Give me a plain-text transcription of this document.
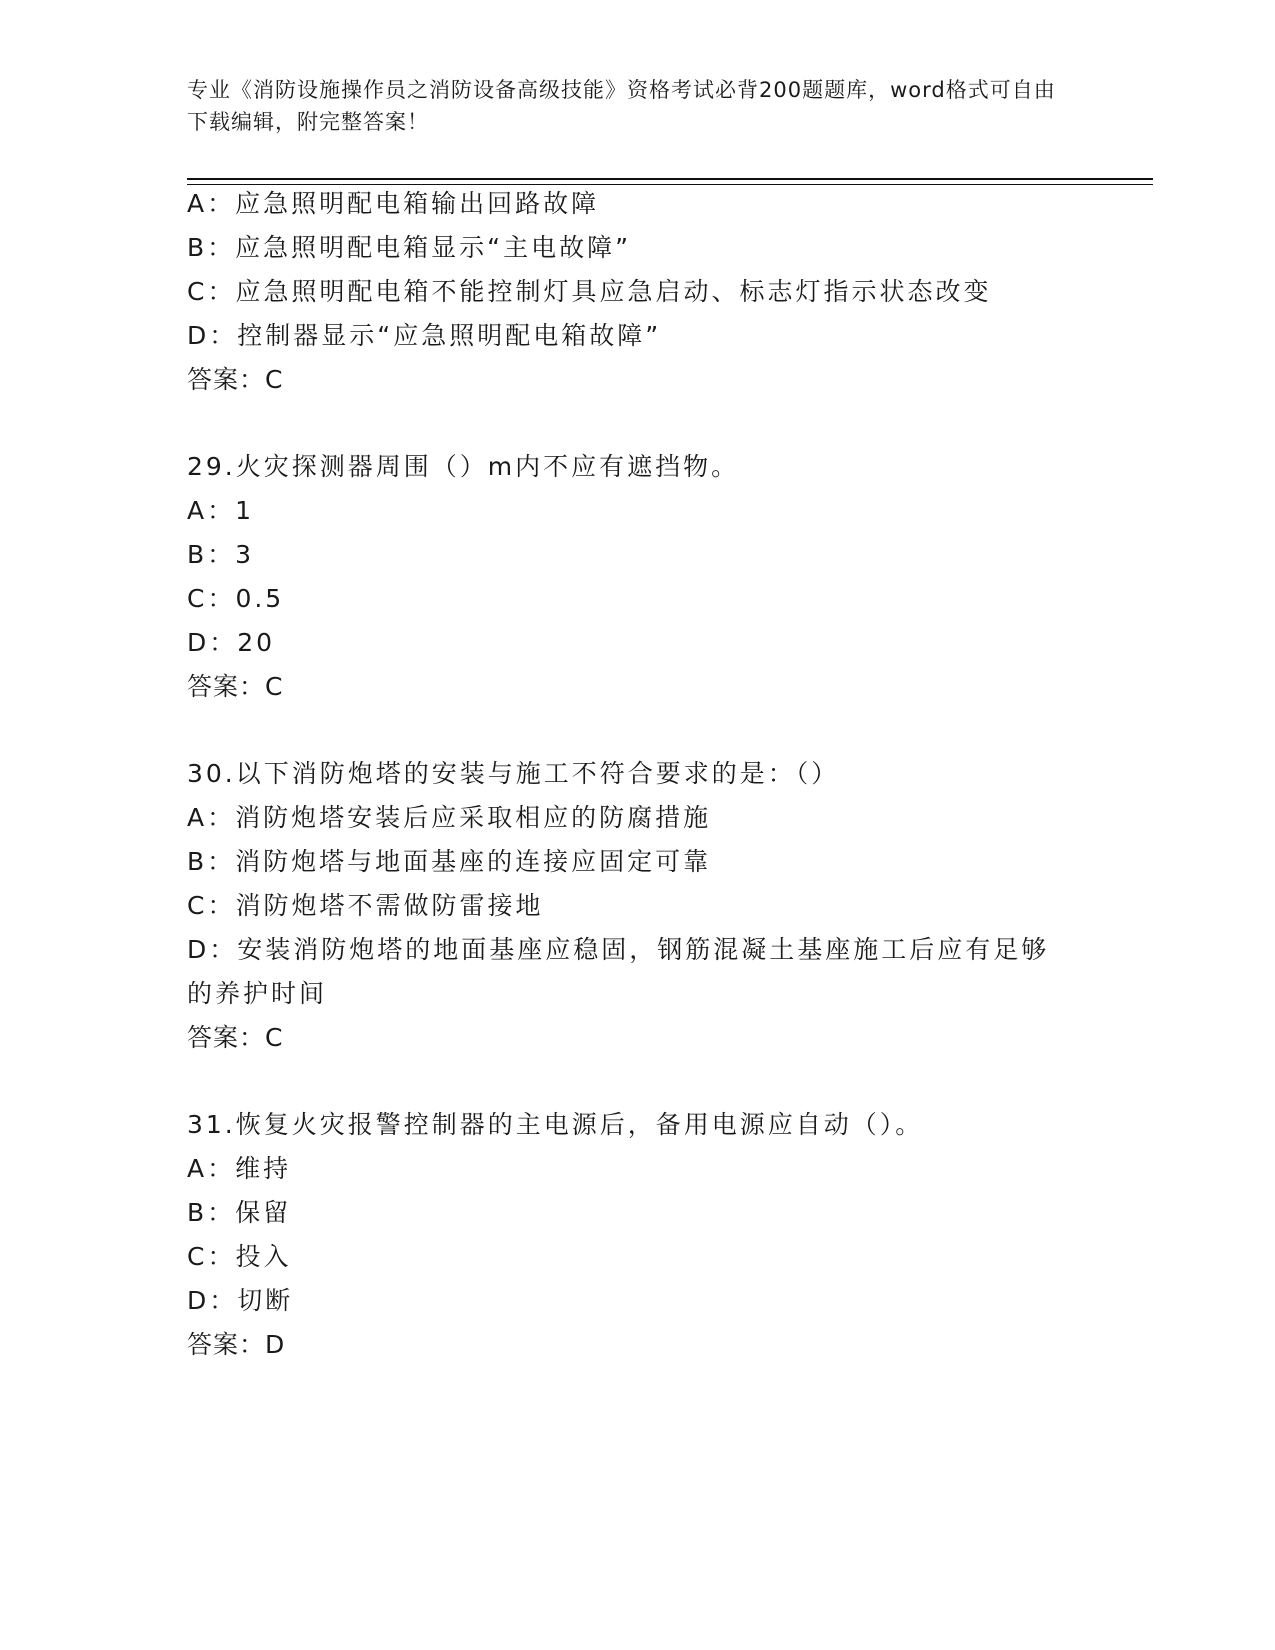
专业《消防设施操作员之消防设备高级技能》资格考试必背200题题库，word格式可自由下载编辑，附完整答案！
A：应急照明配电箱输出回路故障
B：应急照明配电箱显示“主电故障”
C：应急照明配电箱不能控制灯具应急启动、标志灯指示状态改变
D：控制器显示“应急照明配电箱故障”
答案：C
29.火灾探测器周围（）m内不应有遮挡物。
A：1
B：3
C：0.5
D：20
答案：C
30.以下消防炮塔的安装与施工不符合要求的是：（）
A：消防炮塔安装后应采取相应的防腐措施
B：消防炮塔与地面基座的连接应固定可靠
C：消防炮塔不需做防雷接地
D：安装消防炮塔的地面基座应稳固，钢筋混凝土基座施工后应有足够
的养护时间
答案：C
31.恢复火灾报警控制器的主电源后，备用电源应自动（）。
A：维持
B：保留
C：投入
D：切断
答案：D
